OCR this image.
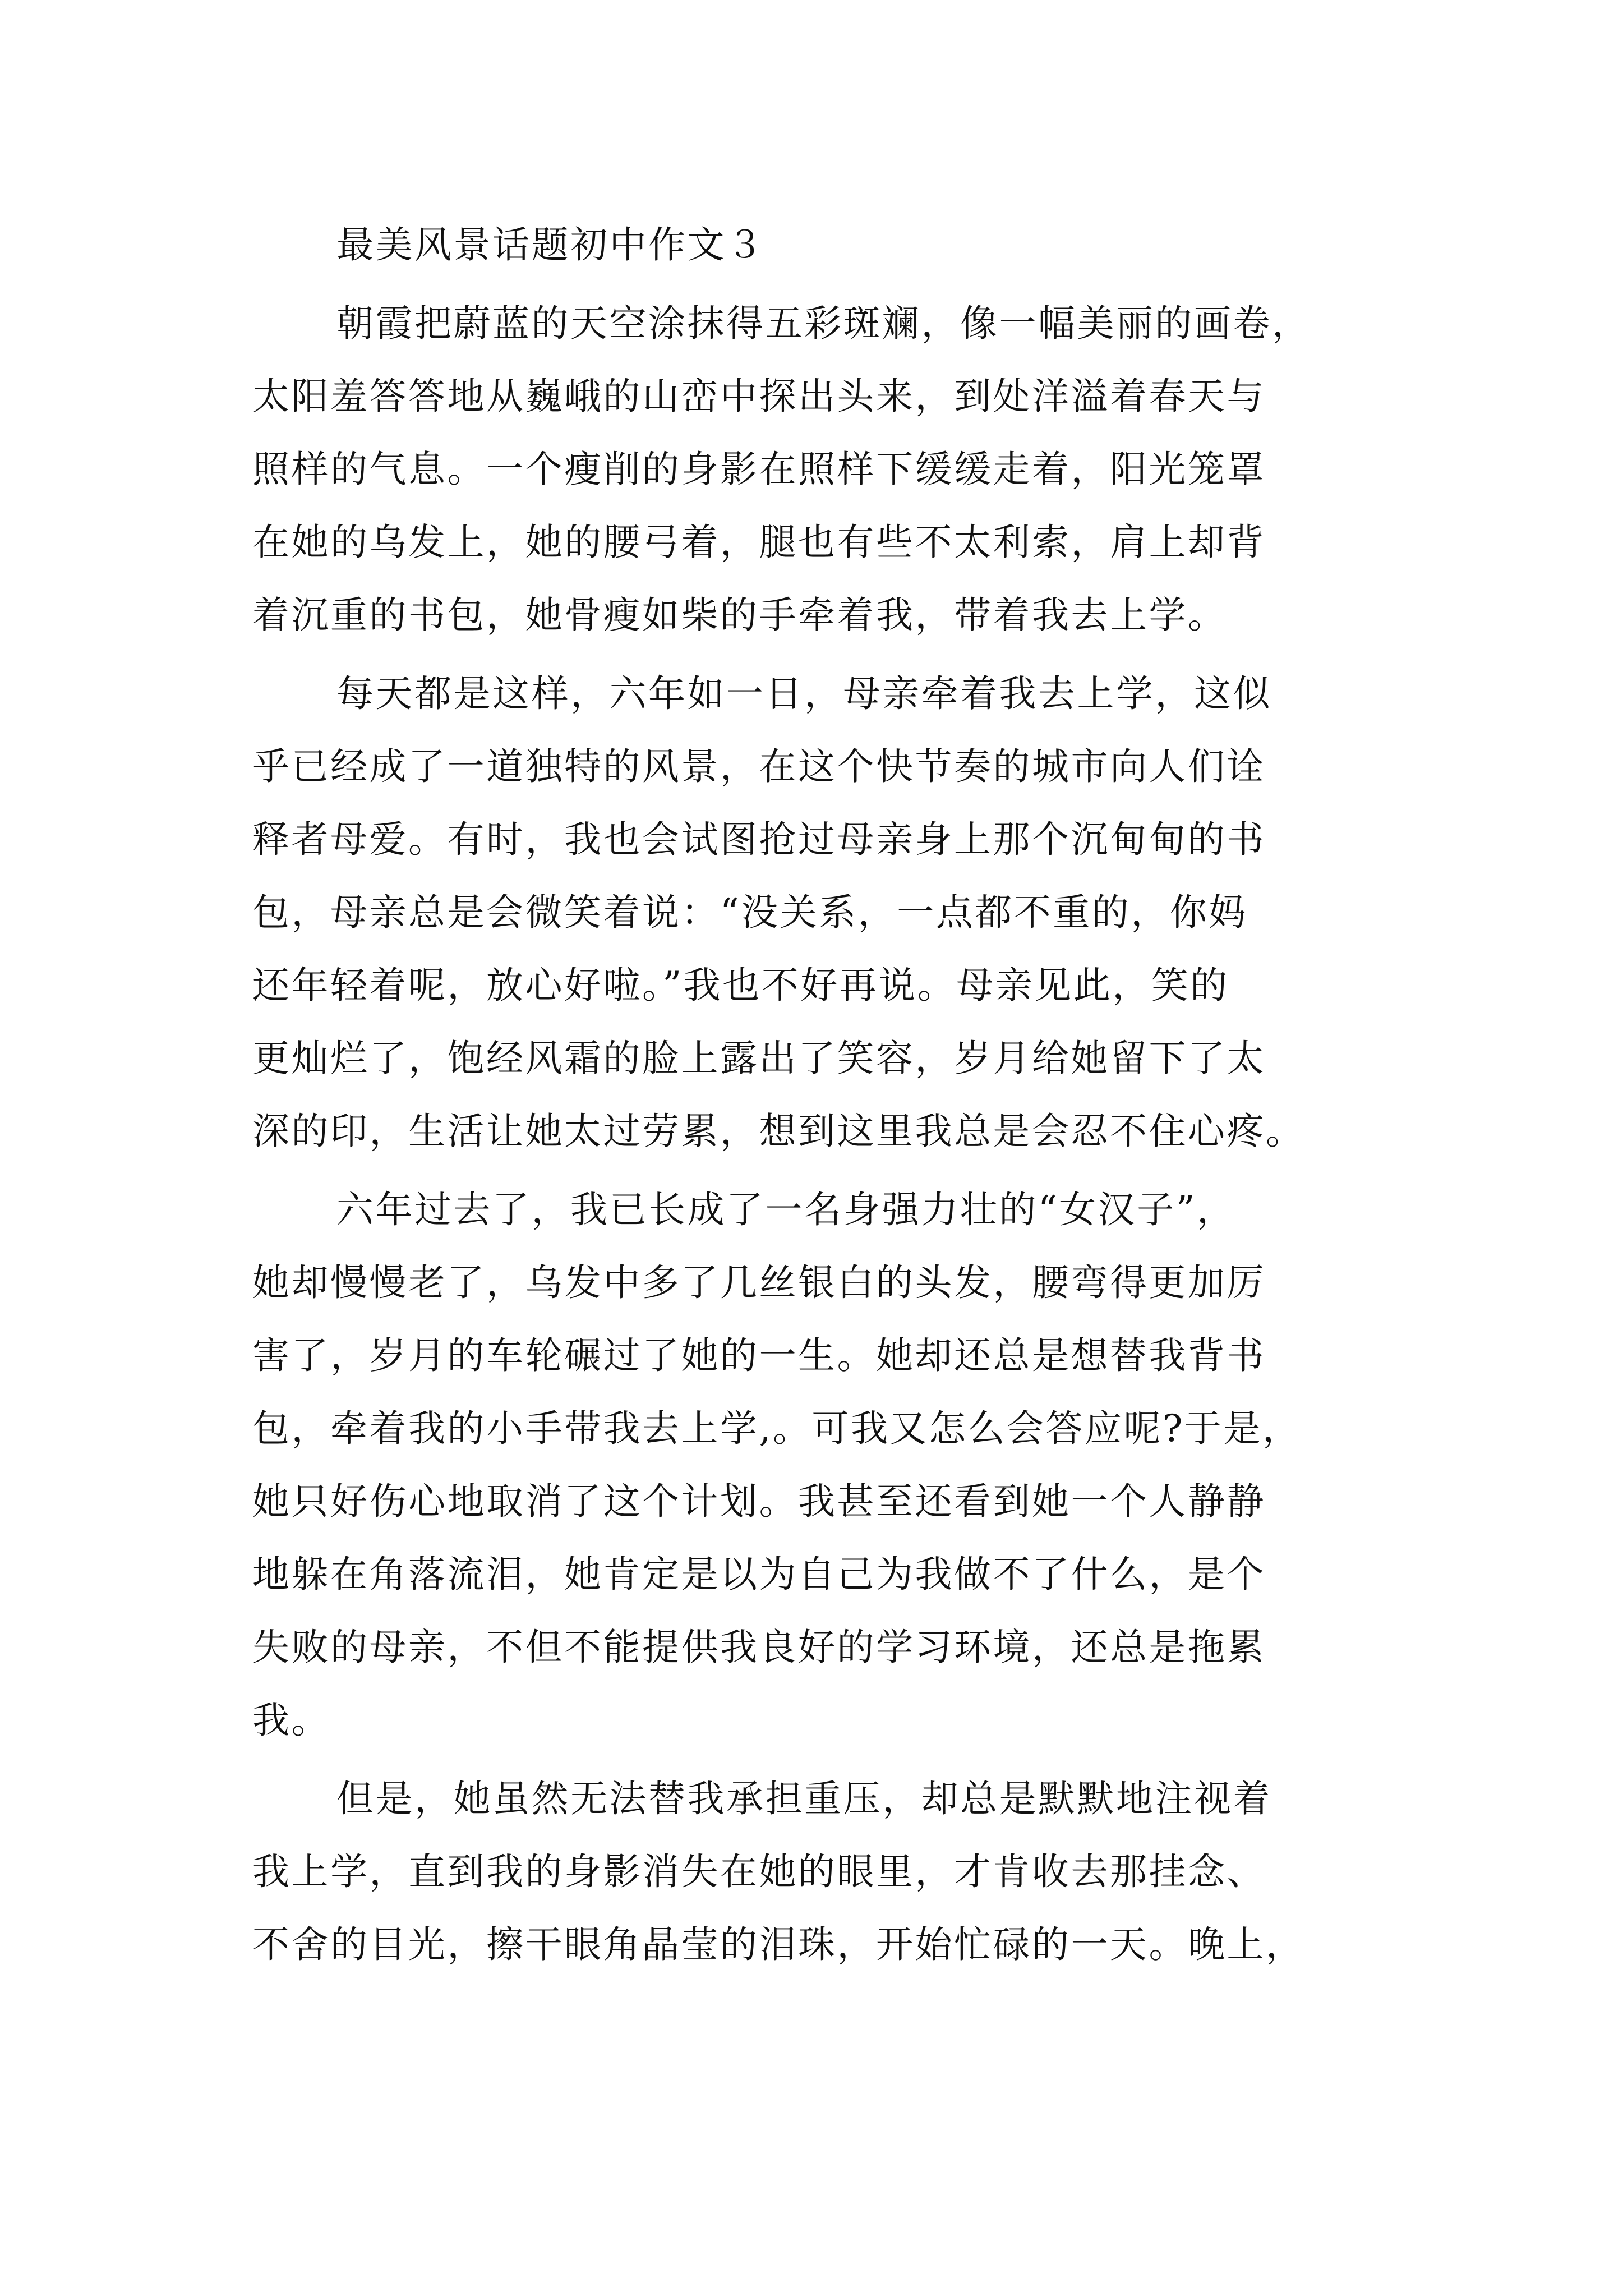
最美风景话题初中作文３
朝霞把蔚蓝的天空涂抹得五彩斑斓，像一幅美丽的画卷，
太阳羞答答地从巍峨的山峦中探出头来，到处洋溢着春天与
照样的气息。一个瘦削的身影在照样下缓缓走着，阳光笼罩
在她的乌发上，她的腰弓着，腿也有些不太利索，肩上却背
着沉重的书包，她骨瘦如柴的手牵着我，带着我去上学。
每天都是这样，六年如一日，母亲牵着我去上学，这似
乎已经成了一道独特的风景，在这个快节奏的城市向人们诠
释者母爱。有时，我也会试图抢过母亲身上那个沉甸甸的书
包，母亲总是会微笑着说：“没关系，一点都不重的，你妈
还年轻着呢，放心好啦。”我也不好再说。母亲见此，笑的
更灿烂了，饱经风霜的脸上露出了笑容，岁月给她留下了太
深的印，生活让她太过劳累，想到这里我总是会忍不住心疼。
六年过去了，我已长成了一名身强力壮的“女汉子”，
她却慢慢老了，乌发中多了几丝银白的头发，腰弯得更加厉
害了，岁月的车轮碾过了她的一生。她却还总是想替我背书
包，牵着我的小手带我去上学,。可我又怎么会答应呢?于是，
她只好伤心地取消了这个计划。我甚至还看到她一个人静静
地躲在角落流泪，她肯定是以为自己为我做不了什么，是个
失败的母亲，不但不能提供我良好的学习环境，还总是拖累
我。
但是，她虽然无法替我承担重压，却总是默默地注视着
我上学，直到我的身影消失在她的眼里，才肯收去那挂念、
不舍的目光，擦干眼角晶莹的泪珠，开始忙碌的一天。晚上，
